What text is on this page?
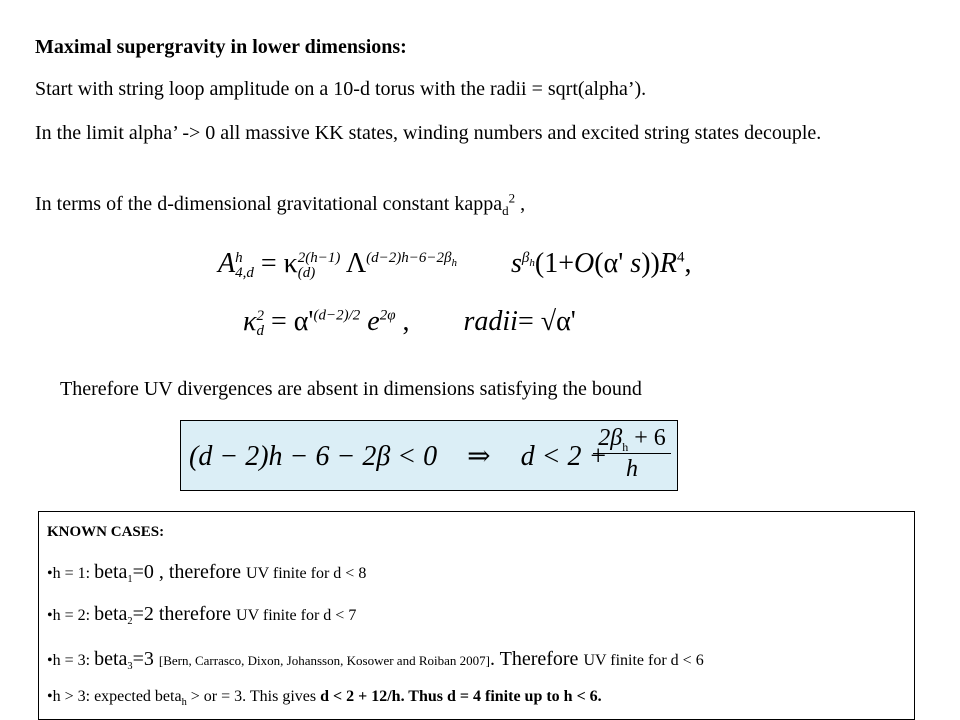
Maximal supergravity in lower dimensions:
Start with string loop amplitude on a 10-d torus with the radii = sqrt(alpha’).
In the limit alpha’ -> 0 all massive KK states, winding numbers and excited string states decouple.
In terms of the d-dimensional gravitational constant kappa$_d^2$ ,
A h
4,d = κ 2(h−1)
(d) $\Lambda^{(d-2)h-6-2\beta_h}$ $s^{\beta_h}(1+O(\alpha'$ $s))R^4$,
κ 2
$d = \alpha'^{(d-2)/2}$ $e^{2\varphi}$ ,  radii= √α'
Therefore UV divergences are absent in dimensions satisfying the bound
(d − 2)h − 6 − 2β < 0 ⇒ d < 2 +
$\frac{2\beta_h + 6}{h}$
KNOWN CASES:
•h = 1: beta$_1$=0 , therefore UV finite for d < 8
•h = 2: beta$_2$=2 therefore UV finite for d < 7
•h = 3: beta$_3$=3 [Bern, Carrasco, Dixon, Johansson, Kosower and Roiban 2007]. Therefore UV finite for d < 6
•h > 3: expected beta$_h$ > or = 3. This gives d < 2 + 12/h. Thus d = 4 finite up to h < 6.
